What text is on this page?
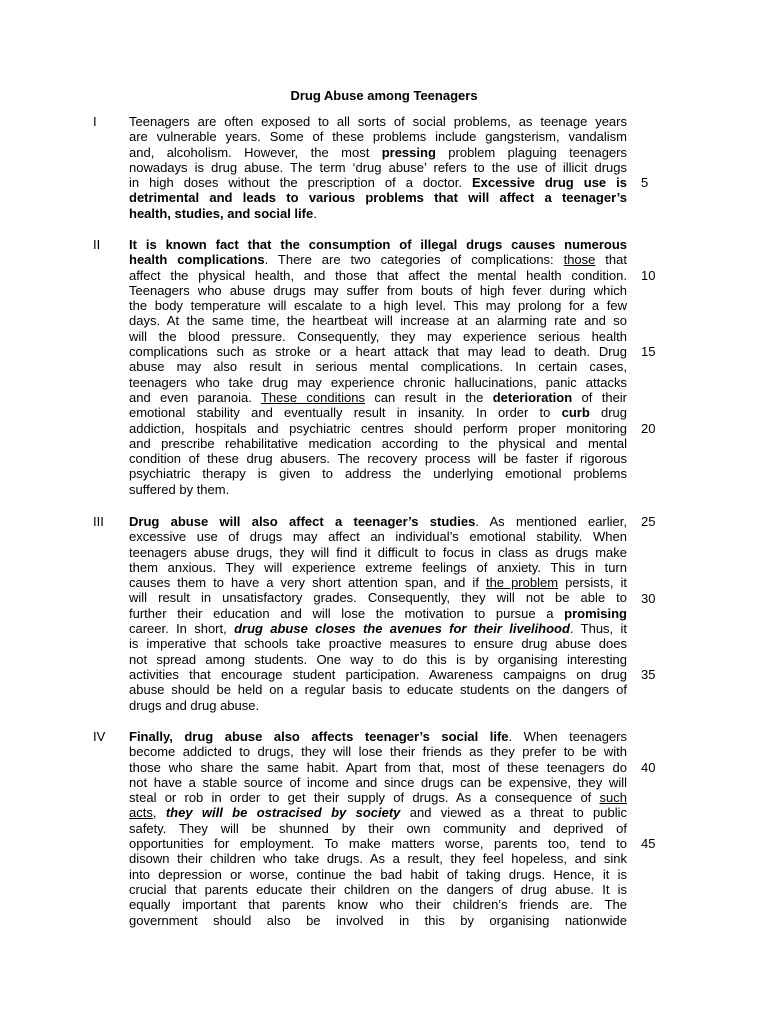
Drug Abuse among Teenagers
I Teenagers are often exposed to all sorts of social problems, as teenage years
are vulnerable years. Some of these problems include gangsterism, vandalism
and, alcoholism. However, the most pressing problem plaguing teenagers
nowadays is drug abuse. The term ‘drug abuse’ refers to the use of illicit drugs
in high doses without the prescription of a doctor. Excessive drug use is
detrimental and leads to various problems that will affect a teenager’s
health, studies, and social life.
5
II It is known fact that the consumption of illegal drugs causes numerous
health complications. There are two categories of complications: those that
affect the physical health, and those that affect the mental health condition.
Teenagers who abuse drugs may suffer from bouts of high fever during which
the body temperature will escalate to a high level. This may prolong for a few
days. At the same time, the heartbeat will increase at an alarming rate and so
will the blood pressure. Consequently, they may experience serious health
complications such as stroke or a heart attack that may lead to death. Drug
abuse may also result in serious mental complications. In certain cases,
teenagers who take drug may experience chronic hallucinations, panic attacks
and even paranoia. These conditions can result in the deterioration of their
emotional stability and eventually result in insanity. In order to curb drug
addiction, hospitals and psychiatric centres should perform proper monitoring
and prescribe rehabilitative medication according to the physical and mental
condition of these drug abusers. The recovery process will be faster if rigorous
psychiatric therapy is given to address the underlying emotional problems
suffered by them.
10
15
20
III Drug abuse will also affect a teenager’s studies. As mentioned earlier,
excessive use of drugs may affect an individual’s emotional stability. When
teenagers abuse drugs, they will find it difficult to focus in class as drugs make
them anxious. They will experience extreme feelings of anxiety. This in turn
causes them to have a very short attention span, and if the problem persists, it
will result in unsatisfactory grades. Consequently, they will not be able to
further their education and will lose the motivation to pursue a promising
career. In short, drug abuse closes the avenues for their livelihood. Thus, it
is imperative that schools take proactive measures to ensure drug abuse does
not spread among students. One way to do this is by organising interesting
activities that encourage student participation. Awareness campaigns on drug
abuse should be held on a regular basis to educate students on the dangers of
drugs and drug abuse.
25
30
35
IV Finally, drug abuse also affects teenager’s social life. When teenagers
become addicted to drugs, they will lose their friends as they prefer to be with
those who share the same habit. Apart from that, most of these teenagers do
not have a stable source of income and since drugs can be expensive, they will
steal or rob in order to get their supply of drugs. As a consequence of such
acts, they will be ostracised by society and viewed as a threat to public
safety. They will be shunned by their own community and deprived of
opportunities for employment. To make matters worse, parents too, tend to
disown their children who take drugs. As a result, they feel hopeless, and sink
into depression or worse, continue the bad habit of taking drugs. Hence, it is
crucial that parents educate their children on the dangers of drug abuse. It is
equally important that parents know who their children’s friends are. The
government should also be involved in this by organising nationwide
40
45
